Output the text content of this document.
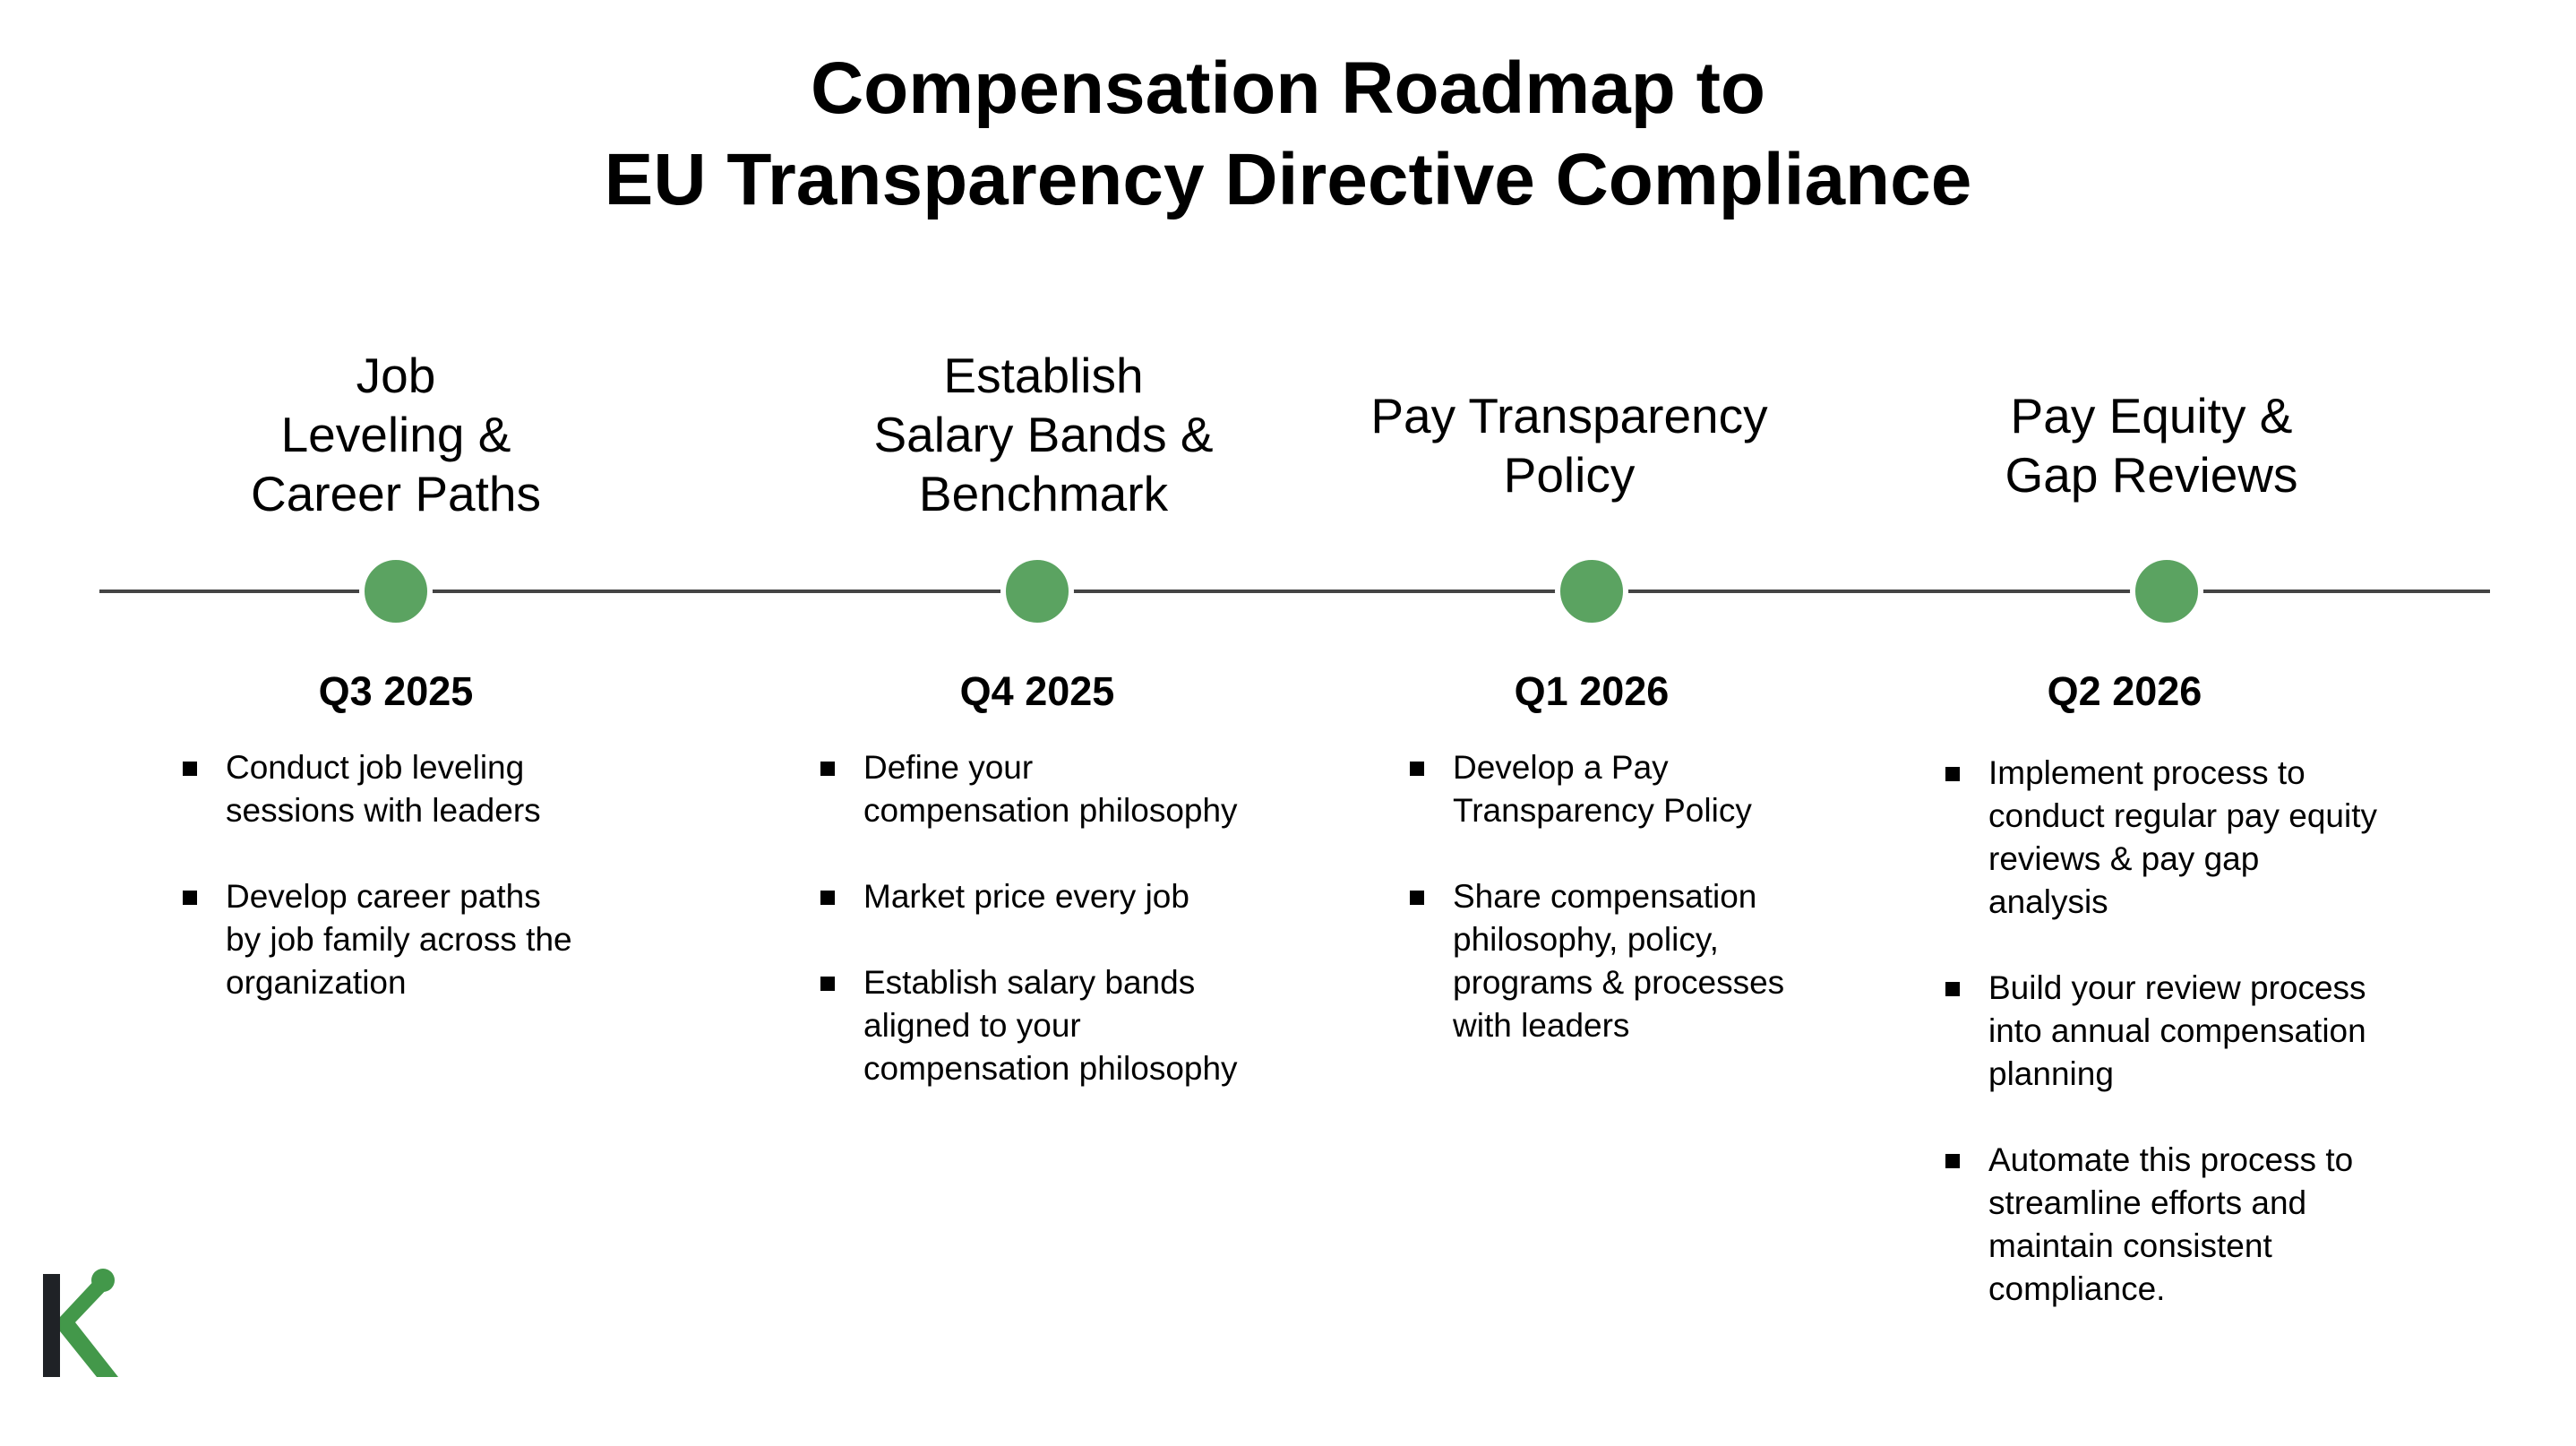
Compensation Roadmap to
EU Transparency Directive Compliance
Job
Leveling &
Career Paths
Q3 2025
Conduct job leveling
sessions with leaders
Develop career paths
by job family across the
organization
Establish
Salary Bands &
Benchmark
Q4 2025
Define your
compensation philosophy
Market price every job
Establish salary bands
aligned to your
compensation philosophy
Pay Transparency
Policy
Q1 2026
Develop a Pay
Transparency Policy
Share compensation
philosophy, policy,
programs & processes
with leaders
Pay Equity &
Gap Reviews
Q2 2026
Implement process to
conduct regular pay equity
reviews & pay gap
analysis
Build your review process
into annual compensation
planning
Automate this process to
streamline efforts and
maintain consistent
compliance.
